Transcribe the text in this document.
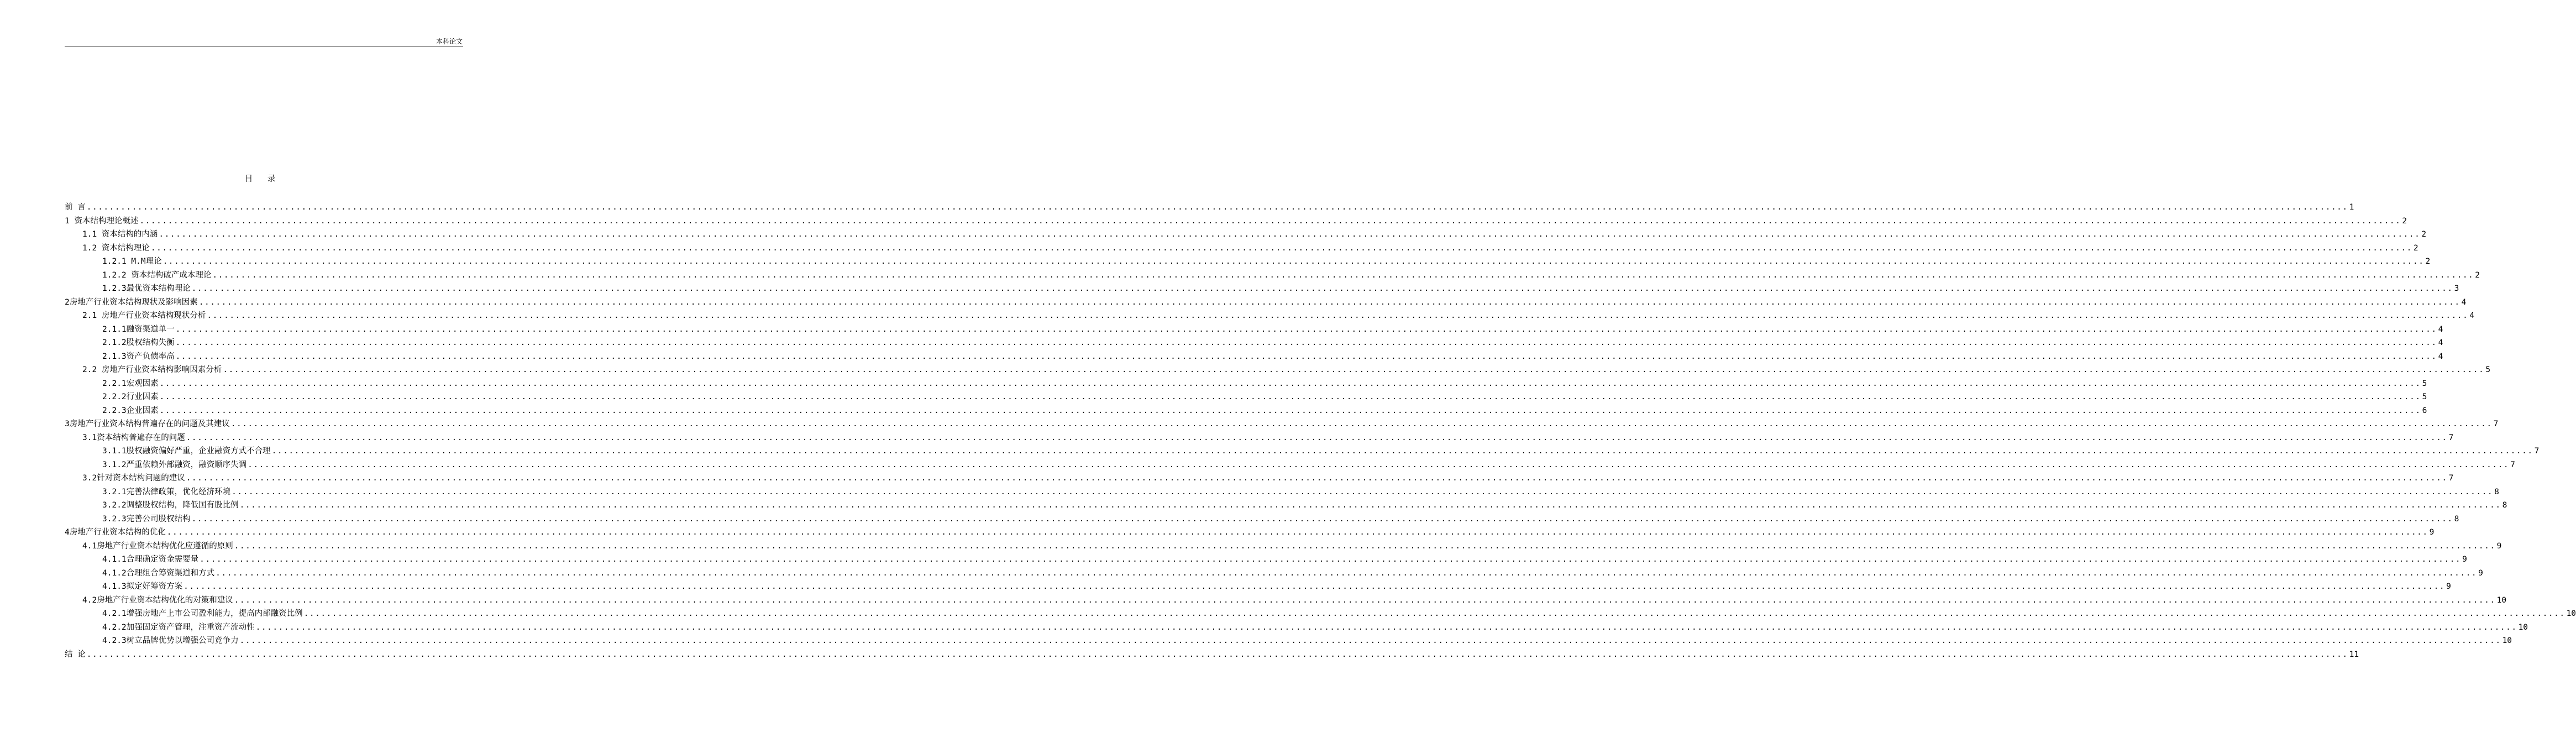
本科论文
目 录
前 言 ................................................................................................................................................................................................................................................................................................................................................................................................................ 1
1 资本结构理论概述 ................................................................................................................................................................................................................................................................................................................................................................................................................ 2
1.1 资本结构的内涵 ................................................................................................................................................................................................................................................................................................................................................................................................................ 2
1.2 资本结构理论 ................................................................................................................................................................................................................................................................................................................................................................................................................ 2
1.2.1 M.M理论 ................................................................................................................................................................................................................................................................................................................................................................................................................ 2
1.2.2 资本结构破产成本理论 ................................................................................................................................................................................................................................................................................................................................................................................................................ 2
1.2.3最优资本结构理论 ................................................................................................................................................................................................................................................................................................................................................................................................................ 3
2房地产行业资本结构现状及影响因素 ................................................................................................................................................................................................................................................................................................................................................................................................................ 4
2.1 房地产行业资本结构现状分析 ................................................................................................................................................................................................................................................................................................................................................................................................................ 4
2.1.1融资渠道单一 ................................................................................................................................................................................................................................................................................................................................................................................................................ 4
2.1.2股权结构失衡 ................................................................................................................................................................................................................................................................................................................................................................................................................ 4
2.1.3资产负债率高 ................................................................................................................................................................................................................................................................................................................................................................................................................ 4
2.2 房地产行业资本结构影响因素分析 ................................................................................................................................................................................................................................................................................................................................................................................................................ 5
2.2.1宏观因素 ................................................................................................................................................................................................................................................................................................................................................................................................................ 5
2.2.2行业因素 ................................................................................................................................................................................................................................................................................................................................................................................................................ 5
2.2.3企业因素 ................................................................................................................................................................................................................................................................................................................................................................................................................ 6
3房地产行业资本结构普遍存在的问题及其建议 ................................................................................................................................................................................................................................................................................................................................................................................................................ 7
3.1资本结构普遍存在的问题 ................................................................................................................................................................................................................................................................................................................................................................................................................ 7
3.1.1股权融资偏好严重，企业融资方式不合理 ................................................................................................................................................................................................................................................................................................................................................................................................................ 7
3.1.2严重依赖外部融资，融资顺序失调 ................................................................................................................................................................................................................................................................................................................................................................................................................ 7
3.2针对资本结构问题的建议 ................................................................................................................................................................................................................................................................................................................................................................................................................ 7
3.2.1完善法律政策，优化经济环境 ................................................................................................................................................................................................................................................................................................................................................................................................................ 8
3.2.2调整股权结构，降低国有股比例 ................................................................................................................................................................................................................................................................................................................................................................................................................ 8
3.2.3完善公司股权结构 ................................................................................................................................................................................................................................................................................................................................................................................................................ 8
4房地产行业资本结构的优化 ................................................................................................................................................................................................................................................................................................................................................................................................................ 9
4.1房地产行业资本结构优化应遵循的原则 ................................................................................................................................................................................................................................................................................................................................................................................................................ 9
4.1.1合理确定资金需要量 ................................................................................................................................................................................................................................................................................................................................................................................................................ 9
4.1.2合理组合筹资渠道和方式 ................................................................................................................................................................................................................................................................................................................................................................................................................ 9
4.1.3拟定好筹资方案 ................................................................................................................................................................................................................................................................................................................................................................................................................ 9
4.2房地产行业资本结构优化的对策和建议 ................................................................................................................................................................................................................................................................................................................................................................................................................ 10
4.2.1增强房地产上市公司盈利能力，提高内部融资比例 ................................................................................................................................................................................................................................................................................................................................................................................................................ 10
4.2.2加强固定资产管理，注重资产流动性 ................................................................................................................................................................................................................................................................................................................................................................................................................ 10
4.2.3树立品牌优势以增强公司竞争力 ................................................................................................................................................................................................................................................................................................................................................................................................................ 10
结 论 ................................................................................................................................................................................................................................................................................................................................................................................................................ 11
